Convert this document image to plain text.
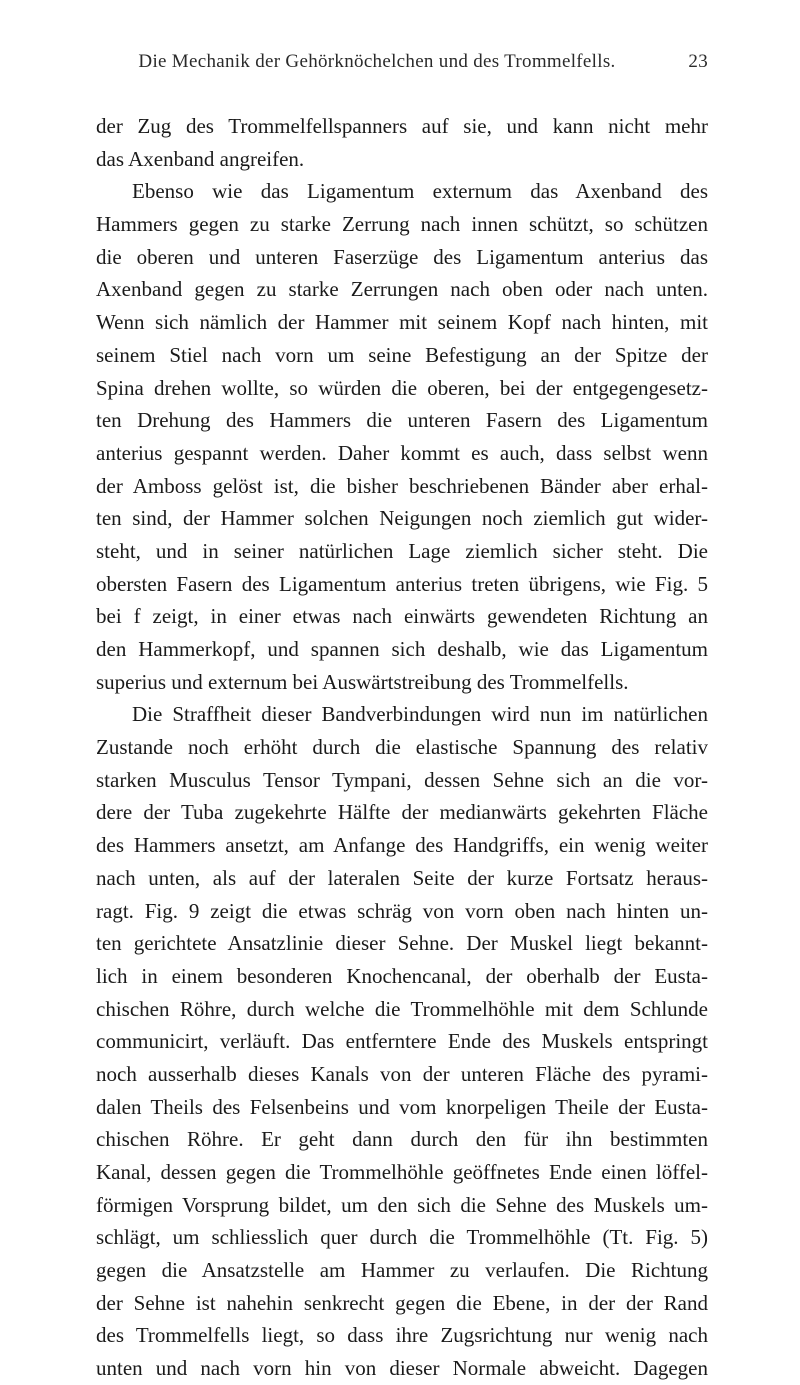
Die Mechanik der Gehörknöchelchen und des Trommelfells.	23
der Zug des Trommelfellspanners auf sie, und kann nicht mehr
das Axenband angreifen.
Ebenso wie das Ligamentum externum das Axenband des
Hammers gegen zu starke Zerrung nach innen schützt, so schützen
die oberen und unteren Faserzüge des Ligamentum anterius das
Axenband gegen zu starke Zerrungen nach oben oder nach unten.
Wenn sich nämlich der Hammer mit seinem Kopf nach hinten, mit
seinem Stiel nach vorn um seine Befestigung an der Spitze der
Spina drehen wollte, so würden die oberen, bei der entgegengesetz-
ten Drehung des Hammers die unteren Fasern des Ligamentum
anterius gespannt werden. Daher kommt es auch, dass selbst wenn
der Amboss gelöst ist, die bisher beschriebenen Bänder aber erhal-
ten sind, der Hammer solchen Neigungen noch ziemlich gut wider-
steht, und in seiner natürlichen Lage ziemlich sicher steht. Die
obersten Fasern des Ligamentum anterius treten übrigens, wie Fig. 5
bei f zeigt, in einer etwas nach einwärts gewendeten Richtung an
den Hammerkopf, und spannen sich deshalb, wie das Ligamentum
superius und externum bei Auswärtstreibung des Trommelfells.
Die Straffheit dieser Bandverbindungen wird nun im natürlichen
Zustande noch erhöht durch die elastische Spannung des relativ
starken Musculus Tensor Tympani, dessen Sehne sich an die vor-
dere der Tuba zugekehrte Hälfte der medianwärts gekehrten Fläche
des Hammers ansetzt, am Anfange des Handgriffs, ein wenig weiter
nach unten, als auf der lateralen Seite der kurze Fortsatz heraus-
ragt. Fig. 9 zeigt die etwas schräg von vorn oben nach hinten un-
ten gerichtete Ansatzlinie dieser Sehne. Der Muskel liegt bekannt-
lich in einem besonderen Knochencanal, der oberhalb der Eusta-
chischen Röhre, durch welche die Trommelhöhle mit dem Schlunde
communicirt, verläuft. Das entferntere Ende des Muskels entspringt
noch ausserhalb dieses Kanals von der unteren Fläche des pyrami-
dalen Theils des Felsenbeins und vom knorpeligen Theile der Eusta-
chischen Röhre. Er geht dann durch den für ihn bestimmten
Kanal, dessen gegen die Trommelhöhle geöffnetes Ende einen löffel-
förmigen Vorsprung bildet, um den sich die Sehne des Muskels um-
schlägt, um schliesslich quer durch die Trommelhöhle (Tt. Fig. 5)
gegen die Ansatzstelle am Hammer zu verlaufen. Die Richtung
der Sehne ist nahehin senkrecht gegen die Ebene, in der der Rand
des Trommelfells liegt, so dass ihre Zugsrichtung nur wenig nach
unten und nach vorn hin von dieser Normale abweicht. Dagegen
